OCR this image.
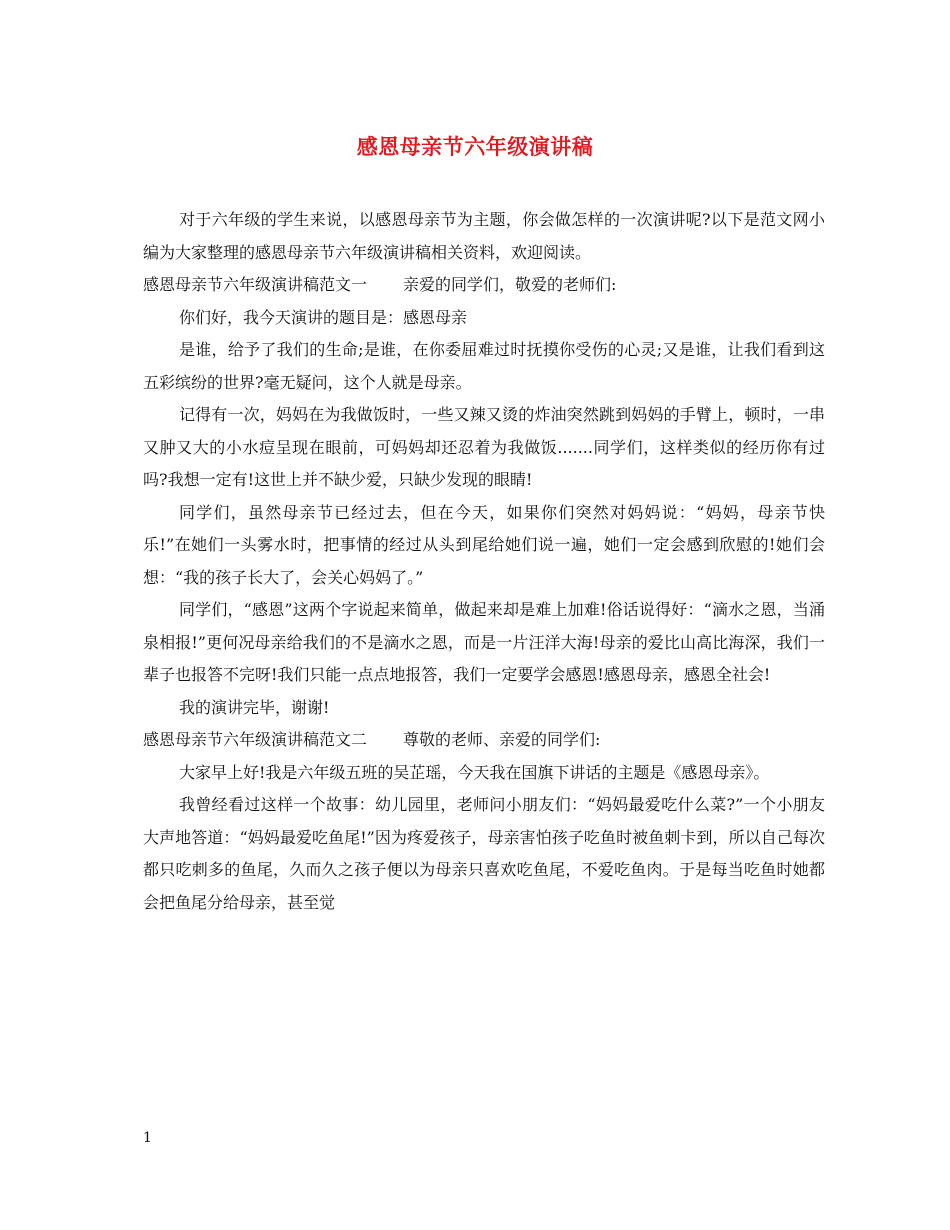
感恩母亲节六年级演讲稿

对于六年级的学生来说，以感恩母亲节为主题，你会做怎样的一次演讲呢?以下是范文网小编为大家整理的感恩母亲节六年级演讲稿相关资料，欢迎阅读。

感恩母亲节六年级演讲稿范文一	亲爱的同学们，敬爱的老师们:

你们好，我今天演讲的题目是：感恩母亲

是谁，给予了我们的生命;是谁，在你委屈难过时抚摸你受伤的心灵;又是谁，让我们看到这五彩缤纷的世界?毫无疑问，这个人就是母亲。

记得有一次，妈妈在为我做饭时，一些又辣又烫的炸油突然跳到妈妈的手臂上，顿时，一串又肿又大的小水痘呈现在眼前，可妈妈却还忍着为我做饭.......同学们，这样类似的经历你有过吗?我想一定有!这世上并不缺少爱，只缺少发现的眼睛!

同学们，虽然母亲节已经过去，但在今天，如果你们突然对妈妈说：“妈妈，母亲节快乐!”在她们一头雾水时，把事情的经过从头到尾给她们说一遍，她们一定会感到欣慰的!她们会想：“我的孩子长大了，会关心妈妈了。”

同学们，“感恩”这两个字说起来简单，做起来却是难上加难!俗话说得好：“滴水之恩，当涌泉相报!”更何况母亲给我们的不是滴水之恩，而是一片汪洋大海!母亲的爱比山高比海深，我们一辈子也报答不完呀!我们只能一点点地报答，我们一定要学会感恩!感恩母亲，感恩全社会!

我的演讲完毕，谢谢!

感恩母亲节六年级演讲稿范文二	尊敬的老师、亲爱的同学们:

大家早上好!我是六年级五班的吴芷瑶，今天我在国旗下讲话的主题是《感恩母亲》。

我曾经看过这样一个故事：幼儿园里，老师问小朋友们：“妈妈最爱吃什么菜?”一个小朋友大声地答道：“妈妈最爱吃鱼尾!”因为疼爱孩子，母亲害怕孩子吃鱼时被鱼刺卡到，所以自己每次都只吃刺多的鱼尾，久而久之孩子便以为母亲只喜欢吃鱼尾，不爱吃鱼肉。于是每当吃鱼时她都会把鱼尾分给母亲，甚至觉

1
